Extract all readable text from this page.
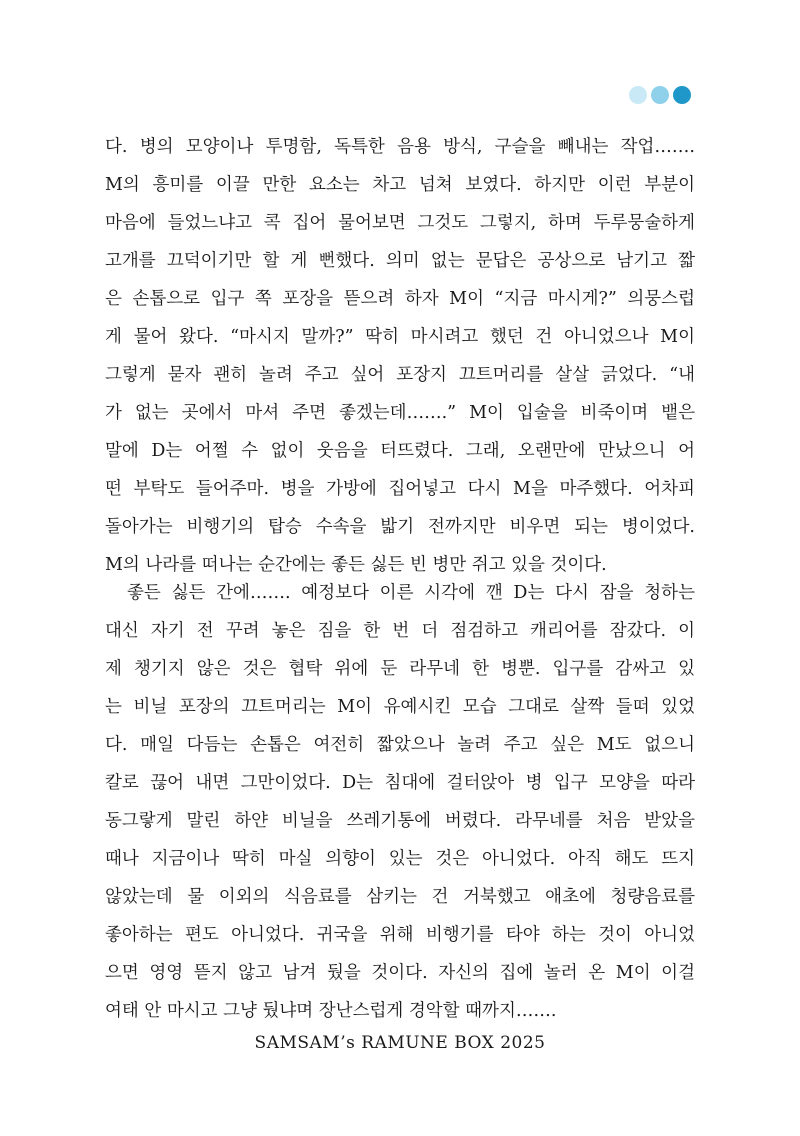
다. 병의 모양이나 투명함, 독특한 음용 방식, 구슬을 빼내는 작업…….
M의 흥미를 이끌 만한 요소는 차고 넘쳐 보였다. 하지만 이런 부분이
마음에 들었느냐고 콕 집어 물어보면 그것도 그렇지, 하며 두루뭉술하게
고개를 끄덕이기만 할 게 뻔했다. 의미 없는 문답은 공상으로 남기고 짧
은 손톱으로 입구 쪽 포장을 뜯으려 하자 M이 “지금 마시게?” 의뭉스럽
게 물어 왔다. “마시지 말까?” 딱히 마시려고 했던 건 아니었으나 M이
그렇게 묻자 괜히 놀려 주고 싶어 포장지 끄트머리를 살살 긁었다. “내
가 없는 곳에서 마셔 주면 좋겠는데…….” M이 입술을 비죽이며 뱉은
말에 D는 어쩔 수 없이 웃음을 터뜨렸다. 그래, 오랜만에 만났으니 어
떤 부탁도 들어주마. 병을 가방에 집어넣고 다시 M을 마주했다. 어차피
돌아가는 비행기의 탑승 수속을 밟기 전까지만 비우면 되는 병이었다.
M의 나라를 떠나는 순간에는 좋든 싫든 빈 병만 쥐고 있을 것이다.
좋든 싫든 간에……. 예정보다 이른 시각에 깬 D는 다시 잠을 청하는
대신 자기 전 꾸려 놓은 짐을 한 번 더 점검하고 캐리어를 잠갔다. 이
제 챙기지 않은 것은 협탁 위에 둔 라무네 한 병뿐. 입구를 감싸고 있
는 비닐 포장의 끄트머리는 M이 유예시킨 모습 그대로 살짝 들떠 있었
다. 매일 다듬는 손톱은 여전히 짧았으나 놀려 주고 싶은 M도 없으니
칼로 끊어 내면 그만이었다. D는 침대에 걸터앉아 병 입구 모양을 따라
동그랗게 말린 하얀 비닐을 쓰레기통에 버렸다. 라무네를 처음 받았을
때나 지금이나 딱히 마실 의향이 있는 것은 아니었다. 아직 해도 뜨지
않았는데 물 이외의 식음료를 삼키는 건 거북했고 애초에 청량음료를
좋아하는 편도 아니었다. 귀국을 위해 비행기를 타야 하는 것이 아니었
으면 영영 뜯지 않고 남겨 뒀을 것이다. 자신의 집에 놀러 온 M이 이걸
여태 안 마시고 그냥 뒀냐며 장난스럽게 경악할 때까지…….
SAMSAM’s RAMUNE BOX 2025
